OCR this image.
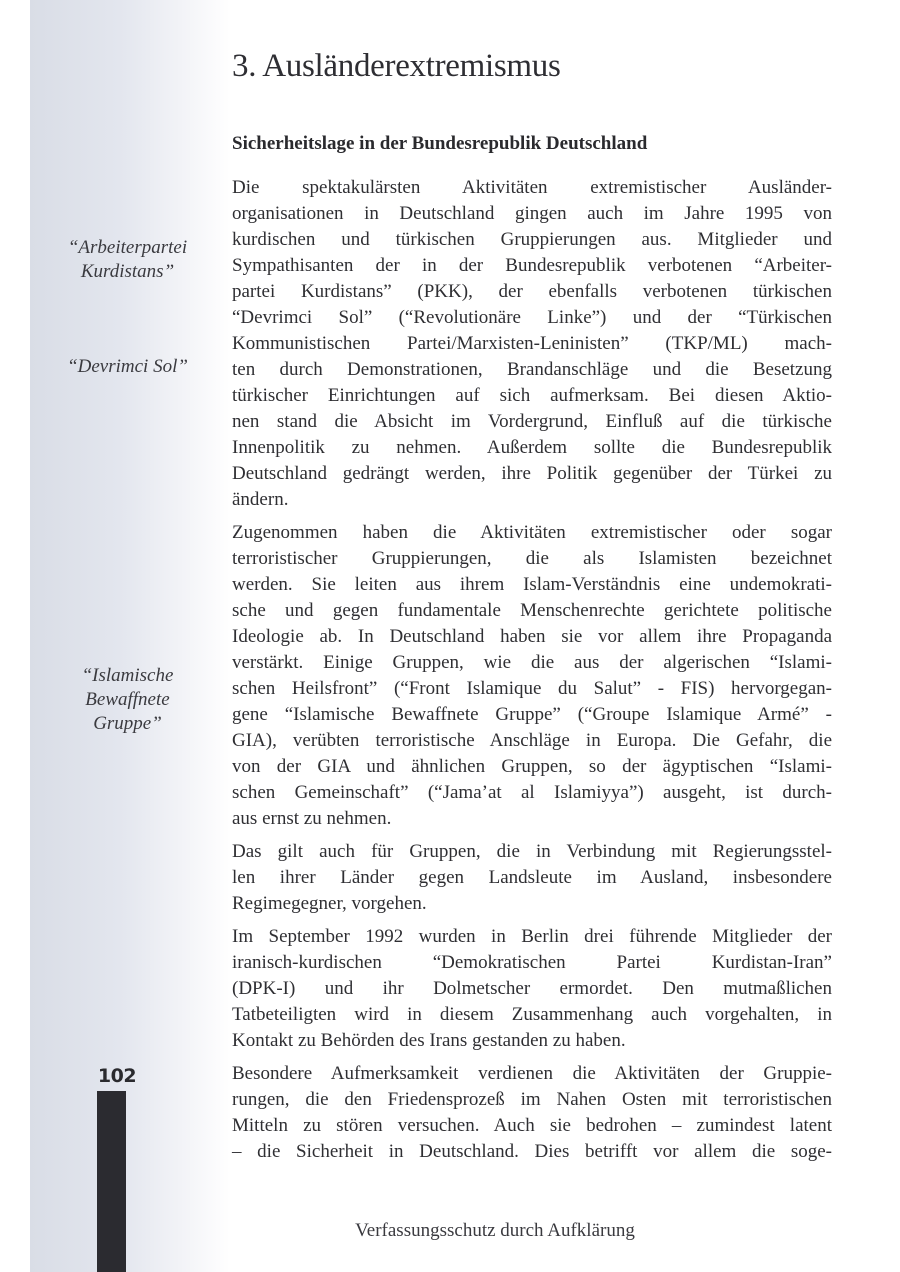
3. Ausländerextremismus
Sicherheitslage in der Bundesrepublik Deutschland
“Arbeiterpartei
Kurdistans”
“Devrimci Sol”
“Islamische
Bewaffnete
Gruppe”

Die spektakulärsten Aktivitäten extremistischer Ausländer-
organisationen in Deutschland gingen auch im Jahre 1995 von
kurdischen und türkischen Gruppierungen aus. Mitglieder und
Sympathisanten der in der Bundesrepublik verbotenen “Arbeiter-
partei Kurdistans” (PKK), der ebenfalls verbotenen türkischen
“Devrimci Sol” (“Revolutionäre Linke”) und der “Türkischen
Kommunistischen Partei/Marxisten-Leninisten” (TKP/ML) mach-
ten durch Demonstrationen, Brandanschläge und die Besetzung
türkischer Einrichtungen auf sich aufmerksam. Bei diesen Aktio-
nen stand die Absicht im Vordergrund, Einfluß auf die türkische
Innenpolitik zu nehmen. Außerdem sollte die Bundesrepublik
Deutschland gedrängt werden, ihre Politik gegenüber der Türkei zu
ändern.

Zugenommen haben die Aktivitäten extremistischer oder sogar
terroristischer Gruppierungen, die als Islamisten bezeichnet
werden. Sie leiten aus ihrem Islam-Verständnis eine undemokrati-
sche und gegen fundamentale Menschenrechte gerichtete politische
Ideologie ab. In Deutschland haben sie vor allem ihre Propaganda
verstärkt. Einige Gruppen, wie die aus der algerischen “Islami-
schen Heilsfront” (“Front Islamique du Salut” - FIS) hervorgegan-
gene “Islamische Bewaffnete Gruppe” (“Groupe Islamique Armé” -
GIA), verübten terroristische Anschläge in Europa. Die Gefahr, die
von der GIA und ähnlichen Gruppen, so der ägyptischen “Islami-
schen Gemeinschaft” (“Jama’at al Islamiyya”) ausgeht, ist durch-
aus ernst zu nehmen.

Das gilt auch für Gruppen, die in Verbindung mit Regierungsstel-
len ihrer Länder gegen Landsleute im Ausland, insbesondere
Regimegegner, vorgehen.

Im September 1992 wurden in Berlin drei führende Mitglieder der
iranisch-kurdischen “Demokratischen Partei Kurdistan-Iran”
(DPK-I) und ihr Dolmetscher ermordet. Den mutmaßlichen
Tatbeteiligten wird in diesem Zusammenhang auch vorgehalten, in
Kontakt zu Behörden des Irans gestanden zu haben.

Besondere Aufmerksamkeit verdienen die Aktivitäten der Gruppie-
rungen, die den Friedensprozeß im Nahen Osten mit terroristischen
Mitteln zu stören versuchen. Auch sie bedrohen – zumindest latent
– die Sicherheit in Deutschland. Dies betrifft vor allem die soge-

102
Verfassungsschutz durch Aufklärung
